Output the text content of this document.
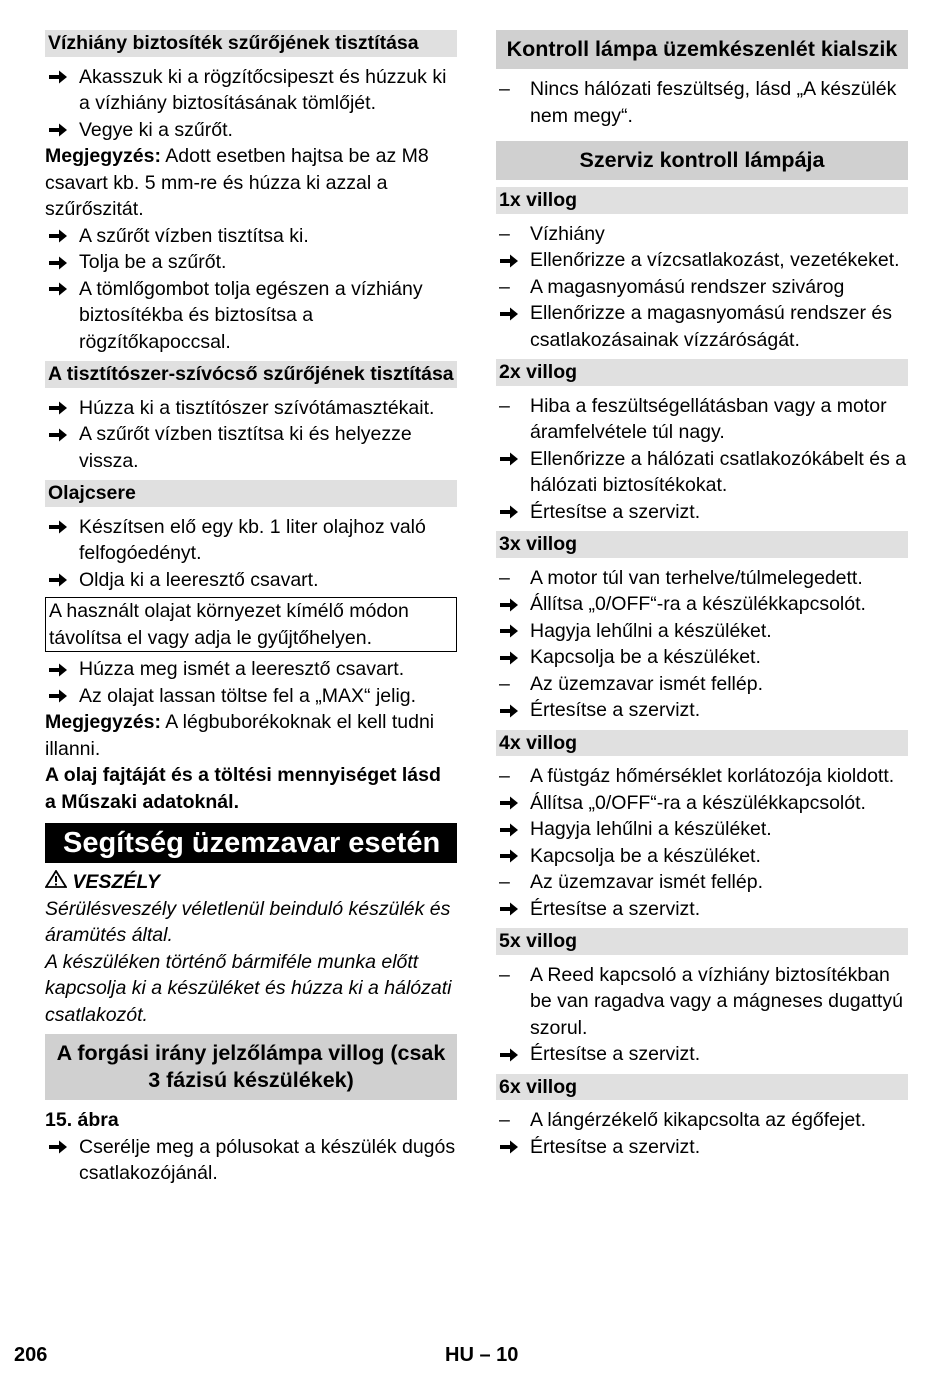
Vízhiány biztosíték szűrőjének tisztítása
Akasszuk ki a rögzítőcsipeszt és húzzuk ki a vízhiány biztosításának tömlőjét.
Vegye ki a szűrőt.

Megjegyzés: Adott esetben hajtsa be az M8 csavart kb. 5 mm-re és húzza ki azzal a szűrőszitát.

A szűrőt vízben tisztítsa ki.
Tolja be a szűrőt.
A tömlőgombot tolja egészen a vízhiány biztosítékba és biztosítsa a rögzítőkapoccsal.
A tisztítószer-szívócső szűrőjének tisztítása
Húzza ki a tisztítószer szívótámasztékait.
A szűrőt vízben tisztítsa ki és helyezze vissza.
Olajcsere
Készítsen elő egy kb. 1 liter olajhoz való felfogóedényt.
Oldja ki a leeresztő csavart.
A használt olajat környezet kímélő módon távolítsa el vagy adja le gyűjtőhelyen.
Húzza meg ismét a leeresztő csavart.
Az olajat lassan töltse fel a „MAX“ jelig.

Megjegyzés: A légbuborékoknak el kell tudni illanni.

A olaj fajtáját és a töltési mennyiséget lásd a Műszaki adatoknál.

Segítség üzemzavar esetén
VESZÉLY

Sérülésveszély véletlenül beinduló készülék és áramütés által.

A készüléken történő bármiféle munka előtt kapcsolja ki a készüléket és húzza ki a hálózati csatlakozót.

A forgási irány jelzőlámpa villog (csak 3 fázisú készülékek)

15. ábra

Cserélje meg a pólusokat a készülék dugós csatlakozójánál.
Kontroll lámpa üzemkészenlét kialszik
–	Nincs hálózati feszültség, lásd „A készülék nem megy“.
Szerviz kontroll lámpája
1x villog
–	Vízhiány
Ellenőrizze a vízcsatlakozást, vezetékeket.
–	A magasnyomású rendszer szivárog
Ellenőrizze a magasnyomású rendszer és csatlakozásainak vízzáróságát.
2x villog
–	Hiba a feszültségellátásban vagy a motor áramfelvétele túl nagy.
Ellenőrizze a hálózati csatlakozókábelt és a hálózati biztosítékokat.
Értesítse a szervizt.
3x villog
–	A motor túl van terhelve/túlmelegedett.
Állítsa „0/OFF“-ra a készülékkapcsolót.
Hagyja lehűlni a készüléket.
Kapcsolja be a készüléket.
–	Az üzemzavar ismét fellép.
Értesítse a szervizt.
4x villog
–	A füstgáz hőmérséklet korlátozója kioldott.
Állítsa „0/OFF“-ra a készülékkapcsolót.
Hagyja lehűlni a készüléket.
Kapcsolja be a készüléket.
–	Az üzemzavar ismét fellép.
Értesítse a szervizt.
5x villog
–	A Reed kapcsoló a vízhiány biztosítékban be van ragadva vagy a mágneses dugattyú szorul.
Értesítse a szervizt.
6x villog
–	A lángérzékelő kikapcsolta az égőfejet.
Értesítse a szervizt.
206	HU – 10
